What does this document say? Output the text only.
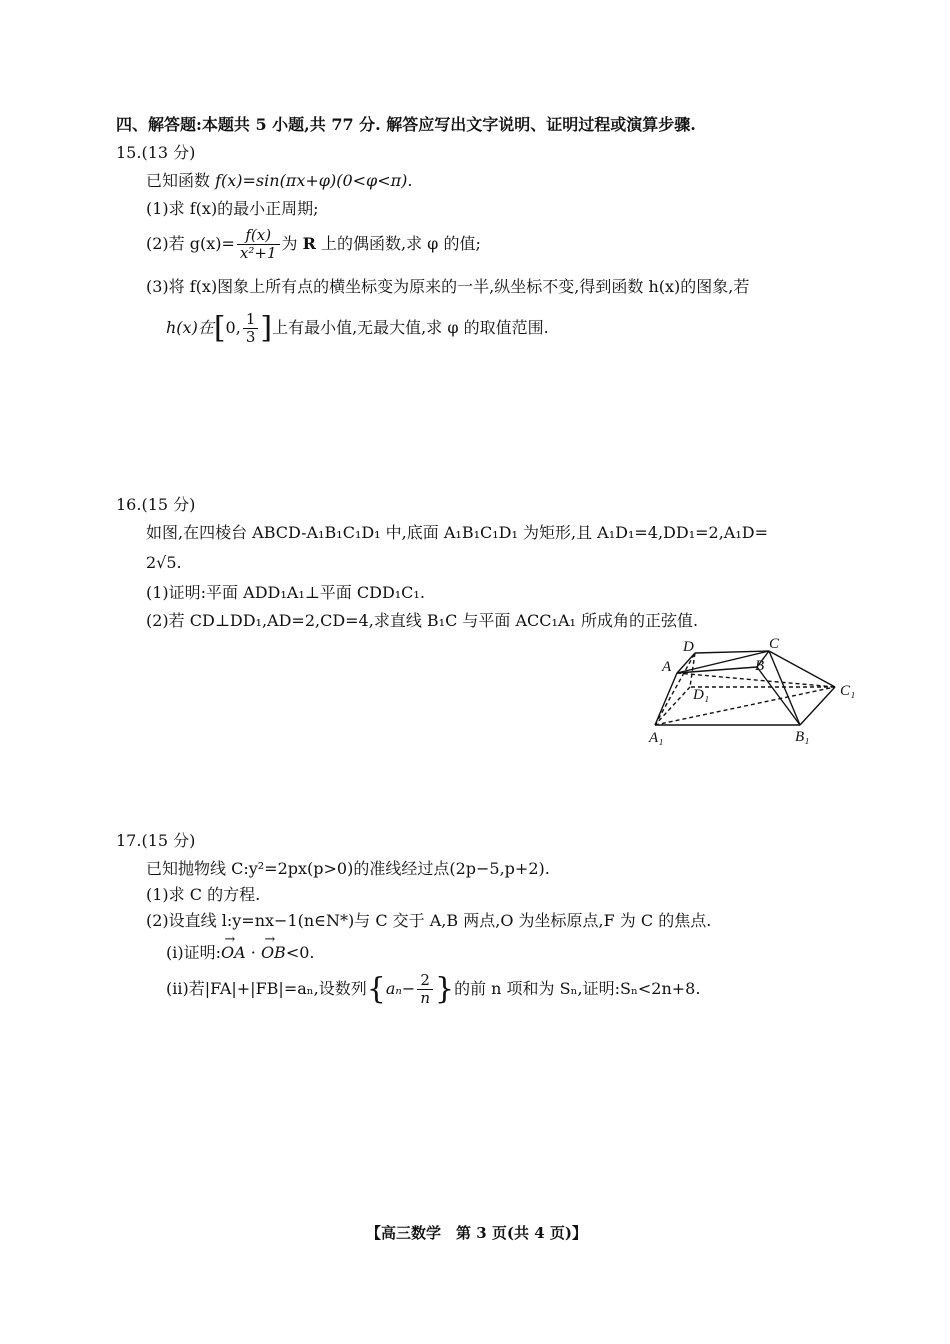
四、解答题:本题共 5 小题,共 77 分. 解答应写出文字说明、证明过程或演算步骤.
15.(13 分)
已知函数 f(x)=sin(πx+φ)(0<φ<π).
(1)求 f(x)的最小正周期;
(2)若 $g(x)= \frac{f(x)}{\text{x²+1}}$ 为 R 上的偶函数,求 φ 的值;
(3)将 f(x)图象上所有点的横坐标变为原来的一半,纵坐标不变,得到函数 h(x)的图象,若
h(x)在[0, $\frac{1}{3}$ ]上有最小值,无最大值,求 φ 的取值范围.
16.(15 分)
如图,在四棱台 ABCD-A₁B₁C₁D₁ 中,底面 A₁B₁C₁D₁ 为矩形,且 A₁D₁=4,DD₁=2,A₁D=
2√5.
(1)证明:平面 ADD₁A₁⊥平面 CDD₁C₁.
(2)若 CD⊥DD₁,AD=2,CD=4,求直线 B₁C 与平面 ACC₁A₁ 所成角的正弦值.
A	B
C
D
A₁	B₁
C₁
D₁
17.(15 分)
已知抛物线 C:y²=2px(p>0)的准线经过点(2p−5,p+2).
(1)求 C 的方程.
(2)设直线 l:y=nx−1(n∈N*)与 C 交于 A,B 两点,O 为坐标原点,F 为 C 的焦点.
(ⅰ)证明:→ OA · → OB<0.
(ⅱ)若|FA|+|FB|=aₙ,设数列{$a_n- \frac{2}{n}$ }的前 n 项和为 Sₙ,证明:Sₙ<2n+8.
【高三数学　第 3 页(共 4 页)】
